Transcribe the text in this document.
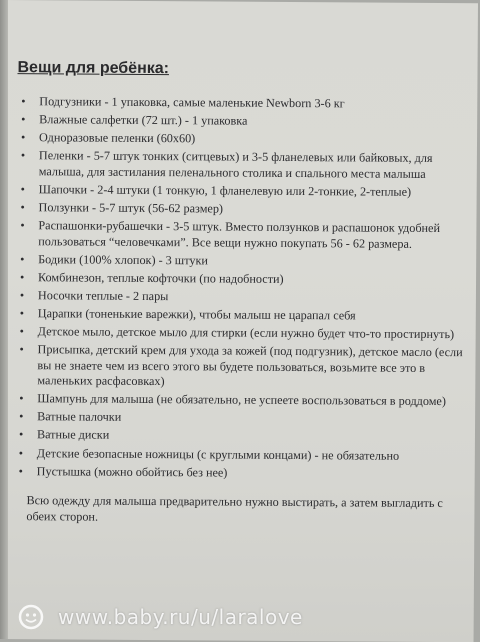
Вещи для ребёнка:
• Подгузники - 1 упаковка, самые маленькие Newborn 3-6 кг
• Влажные салфетки (72 шт.) - 1 упаковка
• Одноразовые пеленки (60х60)
• Пеленки - 5-7 штук тонких (ситцевых) и 3-5 фланелевых или байковых, для малыша, для застилания пеленального столика и спального места малыша
• Шапочки - 2-4 штуки (1 тонкую, 1 фланелевую или 2-тонкие, 2-теплые)
• Ползунки - 5-7 штук (56-62 размер)
• Распашонки-рубашечки - 3-5 штук. Вместо ползунков и распашонок удобней пользоваться “человечками”. Все вещи нужно покупать 56 - 62 размера.
• Бодики (100% хлопок) - 3 штуки
• Комбинезон, теплые кофточки (по надобности)
• Носочки теплые - 2 пары
• Царапки (тоненькие варежки), чтобы малыш не царапал себя
• Детское мыло, детское мыло для стирки (если нужно будет что-то простирнуть)
• Присыпка, детский крем для ухода за кожей (под подгузник), детское масло (если вы не знаете чем из всего этого вы будете пользоваться, возьмите все это в маленьких расфасовках)
• Шампунь для малыша (не обязательно, не успеете воспользоваться в роддоме)
• Ватные палочки
• Ватные диски
• Детские безопасные ножницы (с круглыми концами) - не обязательно
• Пустышка (можно обойтись без нее)

Всю одежду для малыша предварительно нужно выстирать, а затем выгладить с обеих сторон.

www.baby.ru/u/laralove
